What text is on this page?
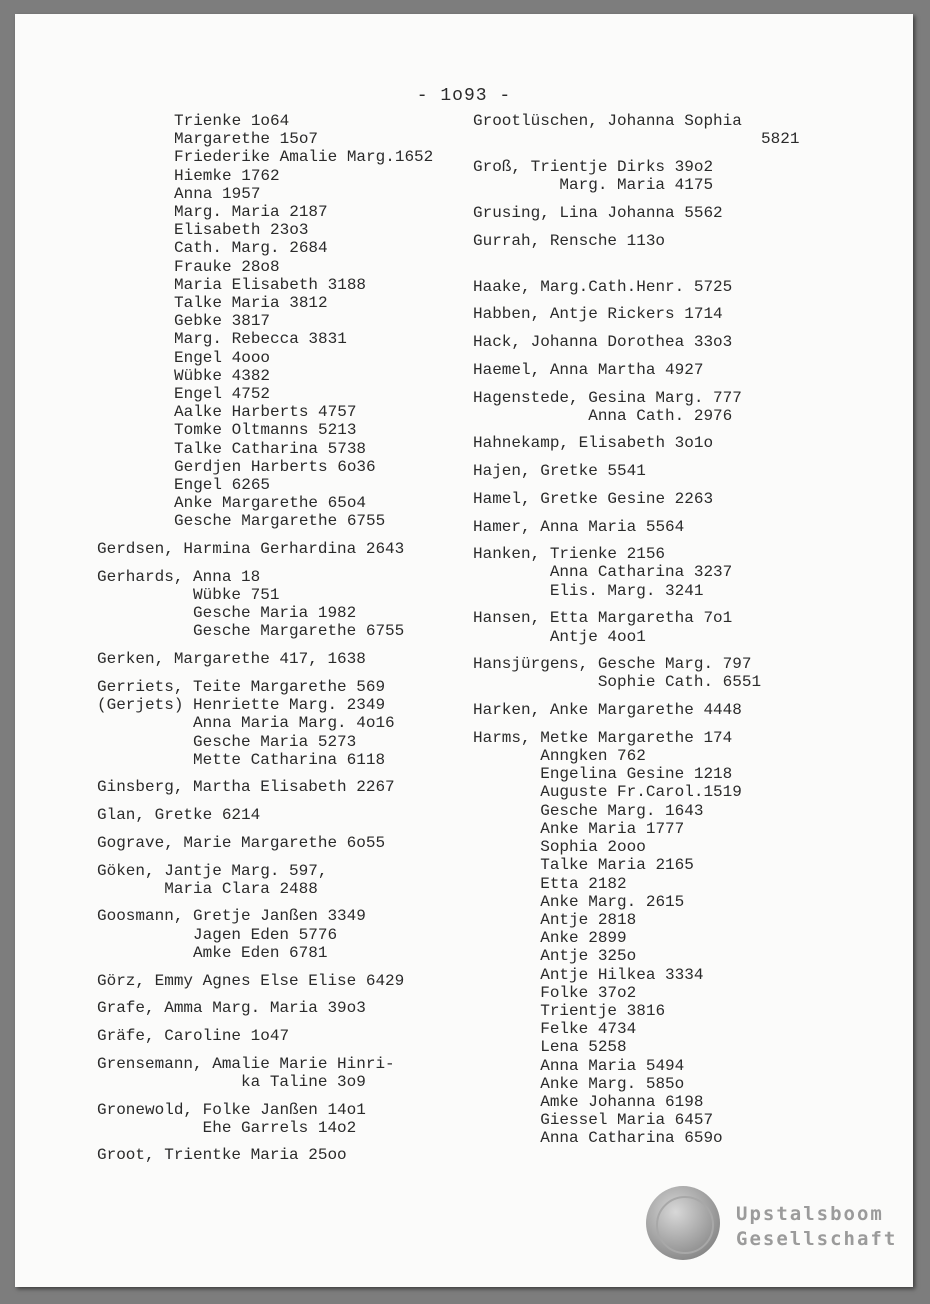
- 1o93 -
Trienke 1o64
Margarethe 15o7
Friederike Amalie Marg.1652
Hiemke 1762
Anna 1957
Marg. Maria 2187
Elisabeth 23o3
Cath. Marg. 2684
Frauke 28o8
Maria Elisabeth 3188
Talke Maria 3812
Gebke 3817
Marg. Rebecca 3831
Engel 4ooo
Wübke 4382
Engel 4752
Aalke Harberts 4757
Tomke Oltmanns 5213
Talke Catharina 5738
Gerdjen Harberts 6o36
Engel 6265
Anke Margarethe 65o4
Gesche Margarethe 6755
Gerdsen, Harmina Gerhardina 2643
Gerhards, Anna 18
Wübke 751
Gesche Maria 1982
Gesche Margarethe 6755
Gerken, Margarethe 417, 1638
Gerriets,
(Gerjets)
Teite Margarethe 569
Henriette Marg. 2349
Anna Maria Marg. 4o16
Gesche Maria 5273
Mette Catharina 6118
Ginsberg, Martha Elisabeth 2267
Glan, Gretke 6214
Gograve, Marie Margarethe 6o55
Göken, Jantje Marg. 597,
Maria Clara 2488
Goosmann, Gretje Janßen 3349
Jagen Eden 5776
Amke Eden 6781
Görz, Emmy Agnes Else Elise 6429
Grafe, Amma Marg. Maria 39o3
Gräfe, Caroline 1o47
Grensemann, Amalie Marie Hinri-
ka Taline 3o9
Gronewold, Folke Janßen 14o1
Ehe Garrels 14o2
Groot, Trientke Maria 25oo
Grootlüschen, Johanna Sophia
5821
Groß, Trientje Dirks 39o2
Marg. Maria 4175
Grusing, Lina Johanna 5562
Gurrah, Rensche 113o
Haake, Marg.Cath.Henr. 5725
Habben, Antje Rickers 1714
Hack, Johanna Dorothea 33o3
Haemel, Anna Martha 4927
Hagenstede, Gesina Marg. 777
Anna Cath. 2976
Hahnekamp, Elisabeth 3o1o
Hajen, Gretke 5541
Hamel, Gretke Gesine 2263
Hamer, Anna Maria 5564
Hanken, Trienke 2156
Anna Catharina 3237
Elis. Marg. 3241
Hansen, Etta Margaretha 7o1
Antje 4oo1
Hansjürgens, Gesche Marg. 797
Sophie Cath. 6551
Harken, Anke Margarethe 4448
Harms, Metke Margarethe 174
Anngken 762
Engelina Gesine 1218
Auguste Fr.Carol.1519
Gesche Marg. 1643
Anke Maria 1777
Sophia 2ooo
Talke Maria 2165
Etta 2182
Anke Marg. 2615
Antje 2818
Anke 2899
Antje 325o
Antje Hilkea 3334
Folke 37o2
Trientje 3816
Felke 4734
Lena 5258
Anna Maria 5494
Anke Marg. 585o
Amke Johanna 6198
Giessel Maria 6457
Anna Catharina 659o
Upstalsboom
Gesellschaft
